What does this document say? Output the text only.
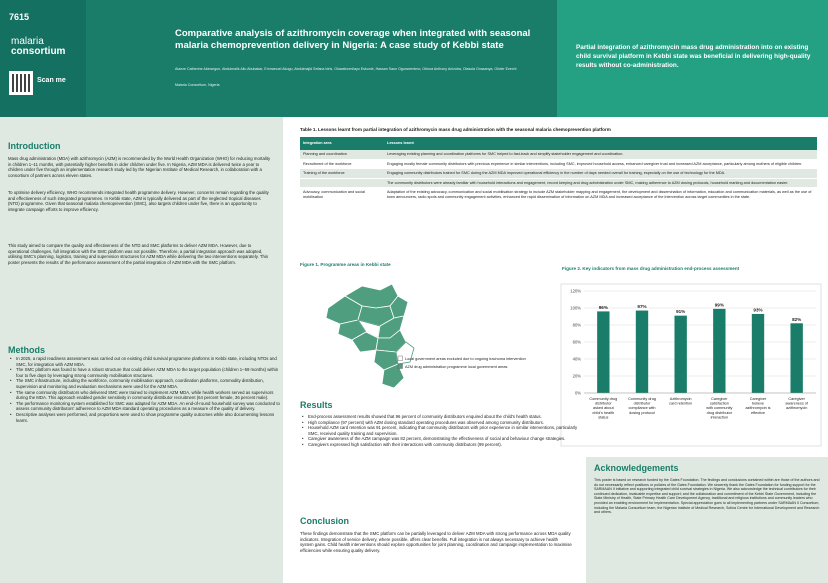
7615
malaria
consortium
Scan me
Comparative analysis of azithromycin coverage when integrated with seasonal malaria chemoprevention delivery in Nigeria: A case study of Kebbi state
Alaeze Catherine Akinsegun, Abdulmalik Aliu Abubakar, Emmanuel Akogu, Abdulmajid Sefana Idris, Oluwafunmilayo Eskunle, Hassan Saun Ogunwemimo, Obiora Anthony Anizoba, Olasola Onasanya, Olivier Ezechi
Malaria Consortium, Nigeria
Partial integration of azithromycin mass drug administration into on existing child survival platform in Kebbi state was beneficial in delivering high-quality results without co-administration.
Introduction
Mass drug administration (MDA) with azithromycin (AZM) is recommended by the World Health Organization (WHO) for reducing mortality in children 1–11 months, with potentially higher benefits in older children under five. In Nigeria, AZM MDA is delivered twice a year to children under five through an implementation research study led by the Nigerian Institute of Medical Research, in collaboration with a consortium of partners across eleven states.
To optimise delivery efficiency, WHO recommends integrated health programme delivery. However, concerns remain regarding the quality and effectiveness of such integrated programmes. In Kebbi state, AZM is typically delivered as part of the neglected tropical diseases (NTD) programme. Given that seasonal malaria chemoprevention (SMC), also targets children under five, there is an opportunity to integrate campaign efforts to improve efficiency.
This study aimed to compare the quality and effectiveness of the NTD and SMC platforms to deliver AZM MDA. However, due to operational challenges, full integration with the SMC platform was not possible. Therefore, a partial integration approach was adopted, utilising SMC's planning, logistics, training and supervision structures for AZM MDA while delivering the two interventions separately. This poster presents the results of the performance assessment of the partial integration of AZM MDA with the SMC platform.
Methods
• In 2025, a rapid readiness assessment was carried out on existing child survival programme platforms in Kebbi state, including NTDs and SMC, for integration with AZM MDA.
• The SMC platform was found to have a robust structure that could deliver AZM MDA to the target population (children 1–59 months) within four to five days by leveraging strong community mobilisation structures.
• The SMC infrastructure, including the workforce, community mobilisation approach, coordination platforms, commodity distribution, supervision and monitoring and evaluation mechanisms were used for the AZM MDA.
• The same community distributors who delivered SMC were trained to implement AZM MDA, while health workers served as supervisors during the MDA. This approach enabled gender sensitivity in community distributor recruitment (64 percent female, 36 percent male).
• The performance monitoring system established for SMC was adapted for AZM MDA. An end-of-round household survey was conducted to assess community distributors' adherence to AZM MDA standard operating procedures as a measure of the quality of delivery.
• Descriptive analyses were performed, and proportions were used to show programme quality outcomes while also documenting lessons learnt.
Table 1. Lessons learnt from partial integration of azithromycin mass drug administration with the seasonal malaria chemoprevention platform
Integration area	Lessons learnt
Planning and coordination	Leveraging existing planning and coordination platforms for SMC helped to fast-track and simplify stakeholder engagement and coordination.
Recruitment of the workforce	Engaging mostly female community distributors with previous experience in similar interventions, including SMC, improved household access, enhanced caregiver trust and increased AZM acceptance, particularly among mothers of eligible children.
Training of the workforce	Engaging community distributors trained for SMC during the AZM MDA improved operational efficiency in the number of days needed overall for training, especially on the use of technology for the MDA.
	The community distributors were already familiar with household interactions and engagement, record keeping and drug administration under SMC, making adherence to AZM dosing protocols, household marking and documentation easier.
Advocacy, communication and social mobilisation	Adaptation of the existing advocacy, communication and social mobilisation strategy to include AZM stakeholder mapping and engagement, the development and dissemination of information, education and communication materials, as well as the use of town announcers, radio spots and community engagement activities, enhanced the rapid dissemination of information on AZM MDA and increased acceptance of the intervention across target communities in the state.
Figure 1. Programme areas in Kebbi state
Local government areas excluded due to ongoing trachoma intervention
AZM drug administration programme local government areas
Figure 2. Key indicators from mass drug administration end-process assessment
0%
20%
40%
60%
80%
100%
120%
96%
Community drug distributor asked about child's health status
97%
Community drug distributor compliance with dosing protocol
91%
Azithromycin card retention
99%
Caregiver satisfaction with community drug distributor interaction
93%
Caregiver believe azithromycin is effective
82%
Caregiver awareness of azithromycin
Results
• End-process assessment results showed that 96 percent of community distributors enquired about the child's health status.
• High compliance (97 percent) with AZM dosing standard operating procedures was observed among community distributors.
• Household AZM card retention was 91 percent, indicating that community distributors with prior experience in similar interventions, particularly SMC, received quality training and supervision.
• Caregiver awareness of the AZM campaign was 82 percent, demonstrating the effectiveness of social and behaviour change strategies.
• Caregivers expressed high satisfaction with their interactions with community distributors (99 percent).
Conclusion
These findings demonstrate that the SMC platform can be partially leveraged to deliver AZM MDA with strong performance across MDA quality indicators. Integration of service delivery, where possible, offers clear benefits. Full integration is not always necessary to achieve health system gains. Child health interventions should explore opportunities for joint planning, coordination and campaign implementation to maximise efficiencies while ensuring quality delivery.
Acknowledgements
This poster is based on research funded by the Gates Foundation. The findings and conclusions contained within are those of the authors and do not necessarily reflect positions or policies of the Gates Foundation. We sincerely thank the Gates Foundation for funding support for the SARMAAN II initiative and supporting integrated child survival strategies in Nigeria. We also acknowledge the technical contributors for their continued dedication, invaluable expertise and support; and the collaboration and commitment of the Kebbi State Government, including the State Ministry of Health, State Primary Health Care Development Agency, traditional and religious institutions and community leaders who provided an enabling environment for implementation. Special appreciation goes to all implementing partners under SARMAAN II Consortium, including the Malaria Consortium team, the Nigerian Institute of Medical Research, Solina Centre for International Development and Research and others.
